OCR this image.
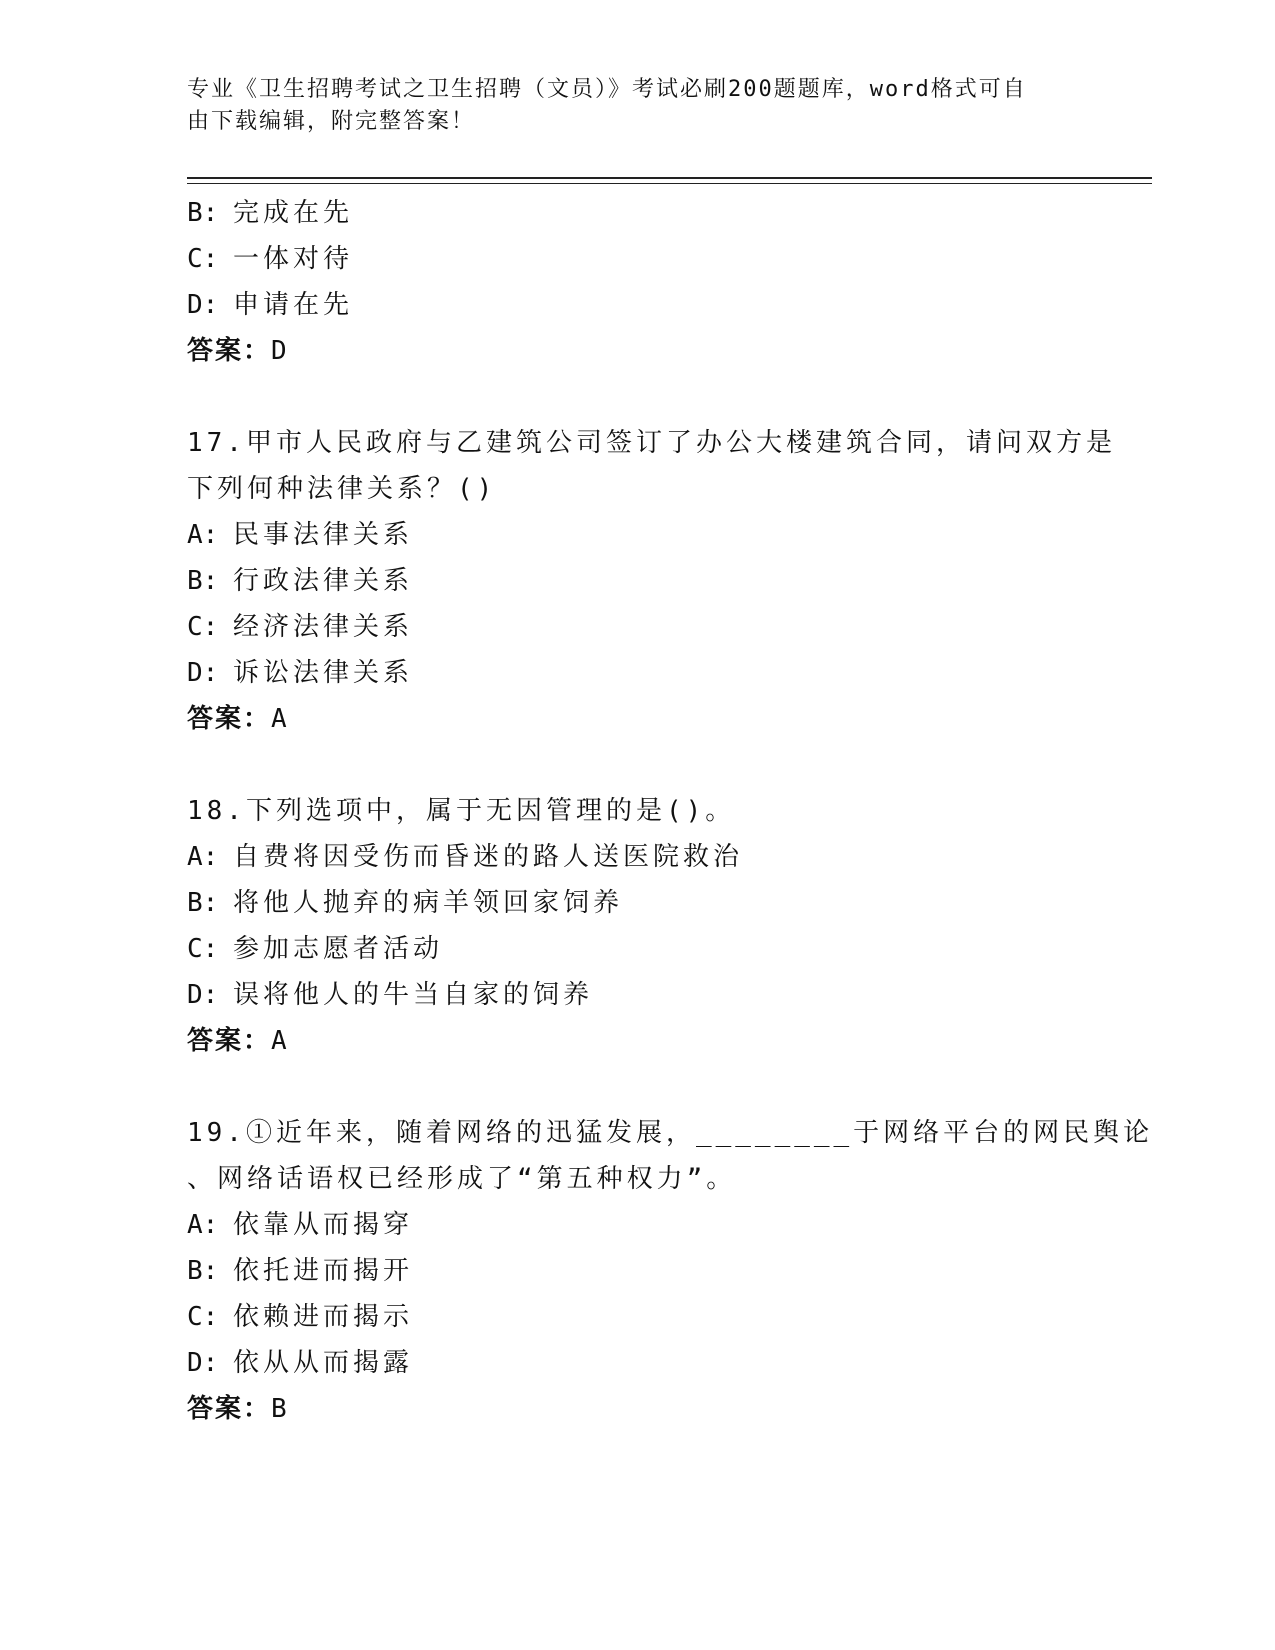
专业《卫生招聘考试之卫生招聘（文员）》考试必刷200题题库，word格式可自
由下载编辑，附完整答案！
B: 完成在先
C: 一体对待
D: 申请在先
答案：D
17.甲市人民政府与乙建筑公司签订了办公大楼建筑合同，请问双方是
下列何种法律关系？()
A: 民事法律关系
B: 行政法律关系
C: 经济法律关系
D: 诉讼法律关系
答案：A
18.下列选项中，属于无因管理的是()。
A: 自费将因受伤而昏迷的路人送医院救治
B: 将他人抛弃的病羊领回家饲养
C: 参加志愿者活动
D: 误将他人的牛当自家的饲养
答案：A
19.①近年来，随着网络的迅猛发展，________于网络平台的网民舆论
、网络话语权已经形成了“第五种权力”。
A: 依靠从而揭穿
B: 依托进而揭开
C: 依赖进而揭示
D: 依从从而揭露
答案：B
